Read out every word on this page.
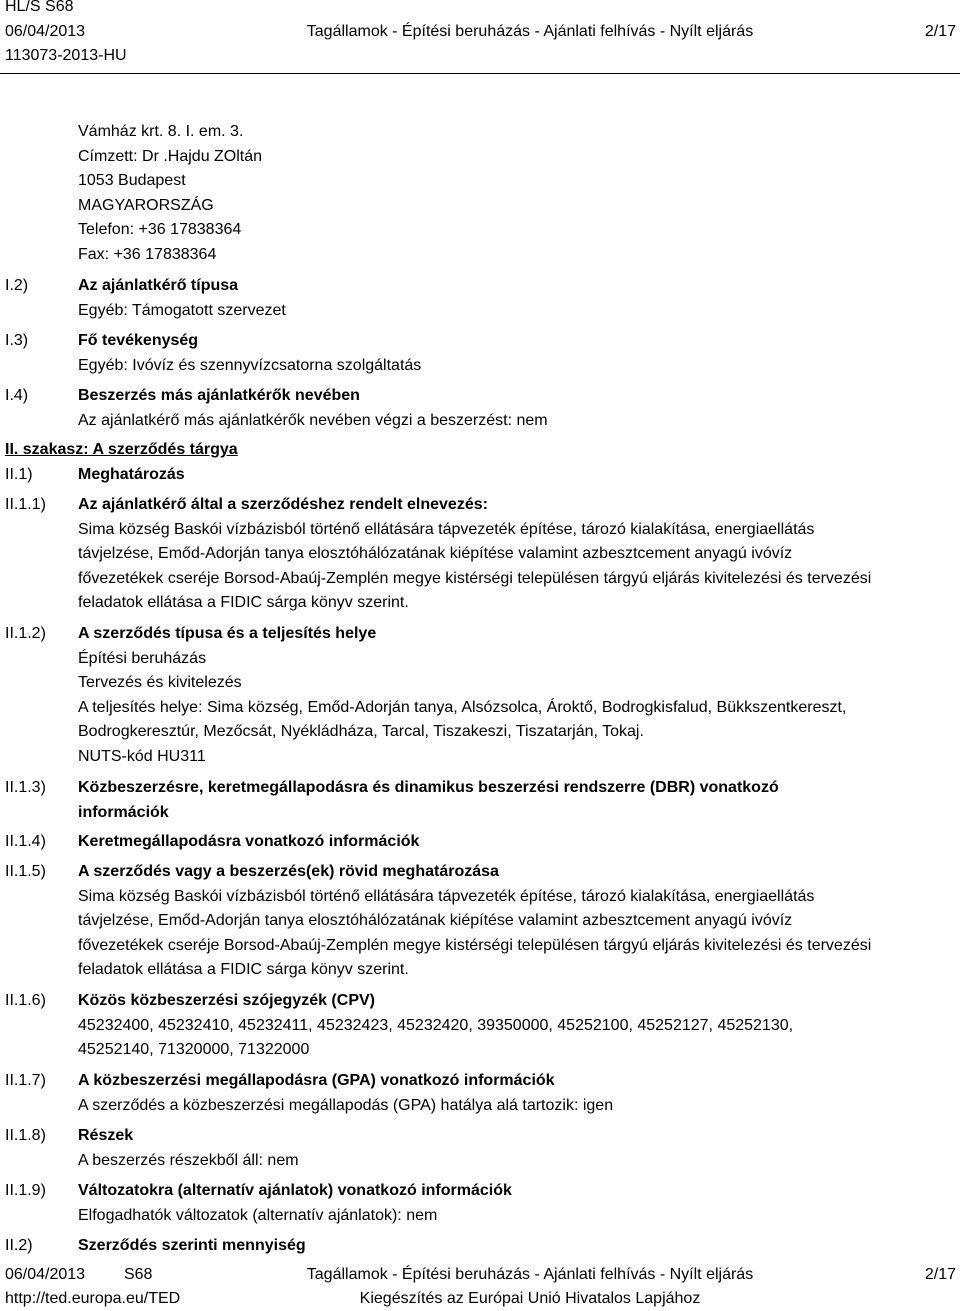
HL/S S68
06/04/2013	Tagállamok - Építési beruházás - Ajánlati felhívás - Nyílt eljárás	2/17
113073-2013-HU
Vámház krt. 8. I. em. 3.
Címzett: Dr .Hajdu ZOltán
1053 Budapest
MAGYARORSZÁG
Telefon: +36 17838364
Fax: +36 17838364
I.2)	Az ajánlatkérő típusa
Egyéb: Támogatott szervezet
I.3)	Fő tevékenység
Egyéb: Ivóvíz és szennyvízcsatorna szolgáltatás
I.4)	Beszerzés más ajánlatkérők nevében
Az ajánlatkérő más ajánlatkérők nevében végzi a beszerzést: nem
II. szakasz: A szerződés tárgya
II.1)	Meghatározás
II.1.1) Az ajánlatkérő által a szerződéshez rendelt elnevezés:
Sima község Baskói vízbázisból történő ellátására tápvezeték építése, tározó kialakítása, energiaellátás
távjelzése, Emőd-Adorján tanya elosztóhálózatának kiépítése valamint azbesztcement anyagú ivóvíz
fővezetékek cseréje Borsod-Abaúj-Zemplén megye kistérségi településen tárgyú eljárás kivitelezési és tervezési
feladatok ellátása a FIDIC sárga könyv szerint.
II.1.2) A szerződés típusa és a teljesítés helye
Építési beruházás
Tervezés és kivitelezés
A teljesítés helye: Sima község, Emőd-Adorján tanya, Alsózsolca, Ároktő, Bodrogkisfalud, Bükkszentkereszt,
Bodrogkeresztúr, Mezőcsát, Nyékládháza, Tarcal, Tiszakeszi, Tiszatarján, Tokaj.
NUTS-kód HU311
II.1.3) Közbeszerzésre, keretmegállapodásra és dinamikus beszerzési rendszerre (DBR) vonatkozó
információk
II.1.4) Keretmegállapodásra vonatkozó információk
II.1.5) A szerződés vagy a beszerzés(ek) rövid meghatározása
Sima község Baskói vízbázisból történő ellátására tápvezeték építése, tározó kialakítása, energiaellátás
távjelzése, Emőd-Adorján tanya elosztóhálózatának kiépítése valamint azbesztcement anyagú ivóvíz
fővezetékek cseréje Borsod-Abaúj-Zemplén megye kistérségi településen tárgyú eljárás kivitelezési és tervezési
feladatok ellátása a FIDIC sárga könyv szerint.
II.1.6) Közös közbeszerzési szójegyzék (CPV)
45232400, 45232410, 45232411, 45232423, 45232420, 39350000, 45252100, 45252127, 45252130,
45252140, 71320000, 71322000
II.1.7) A közbeszerzési megállapodásra (GPA) vonatkozó információk
A szerződés a közbeszerzési megállapodás (GPA) hatálya alá tartozik: igen
II.1.8) Részek
A beszerzés részekből áll: nem
II.1.9) Változatokra (alternatív ajánlatok) vonatkozó információk
Elfogadhatók változatok (alternatív ajánlatok): nem
II.2)	Szerződés szerinti mennyiség
06/04/2013 S68	Tagállamok - Építési beruházás - Ajánlati felhívás - Nyílt eljárás	2/17
http://ted.europa.eu/TED	Kiegészítés az Európai Unió Hivatalos Lapjához
